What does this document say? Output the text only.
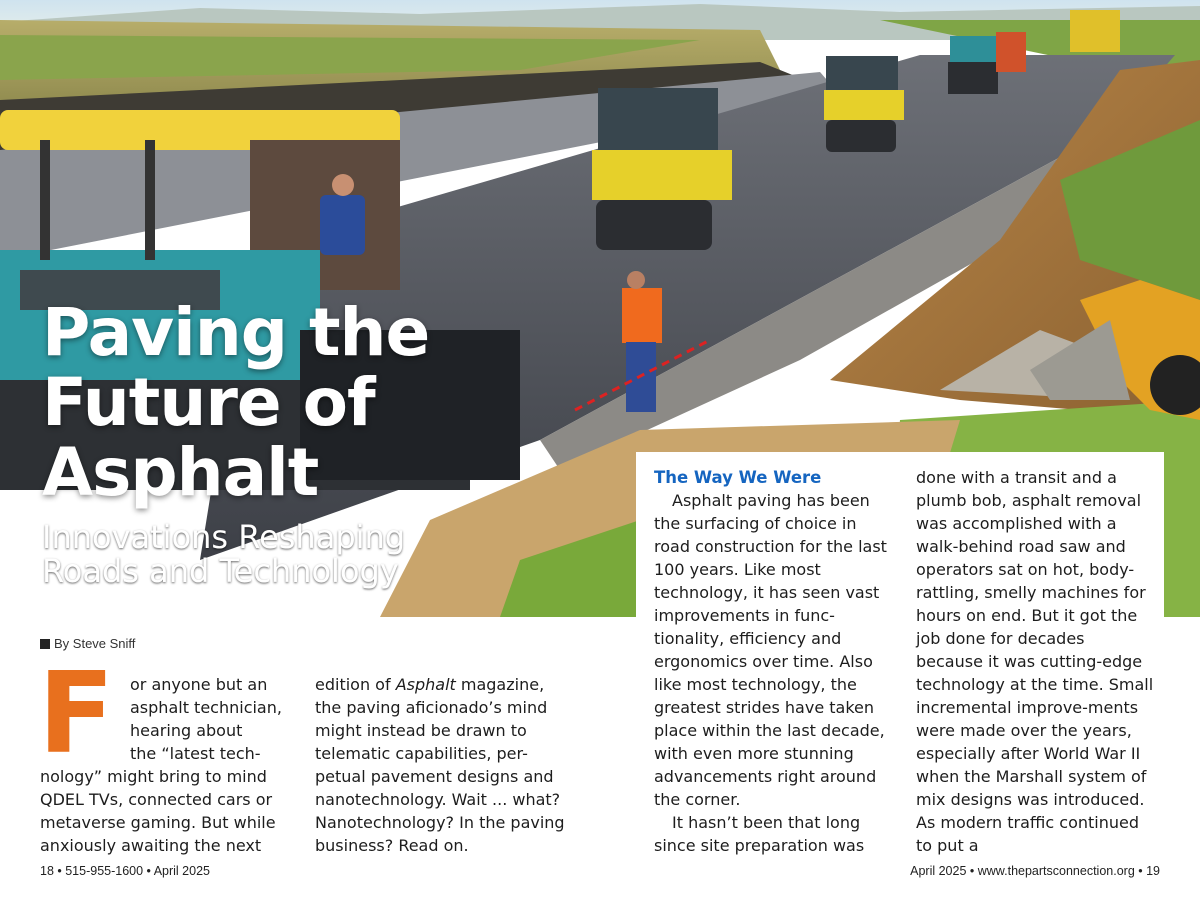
Paving the
Future of
Asphalt
Innovations Reshaping
Roads and Technology
By Steve Sniff
F or anyone but an
asphalt technician,
hearing about
the “latest tech-
nology” might bring to mind
QDEL TVs, connected cars or
metaverse gaming. But while
anxiously awaiting the next

edition of Asphalt magazine, the paving aficionado’s mind might instead be drawn to telematic capabilities, per-petual pavement designs and nanotechnology. Wait ... what? Nanotechnology? In the paving business? Read on.

The Way We Were

Asphalt paving has been the surfacing of choice in road construction for the last 100 years. Like most technology, it has seen vast improvements in func-tionality, efficiency and ergonomics over time. Also like most technology, the greatest strides have taken place within the last decade, with even more stunning advancements right around the corner.

It hasn’t been that long since site preparation was

done with a transit and a plumb bob, asphalt removal was accomplished with a walk-behind road saw and operators sat on hot, body-rattling, smelly machines for hours on end. But it got the job done for decades because it was cutting-edge technology at the time. Small incremental improve-ments were made over the years, especially after World War II when the Marshall system of mix designs was introduced. As modern traffic continued to put a

18 • 515-955-1600 • April 2025	April 2025 • www.thepartsconnection.org • 19
